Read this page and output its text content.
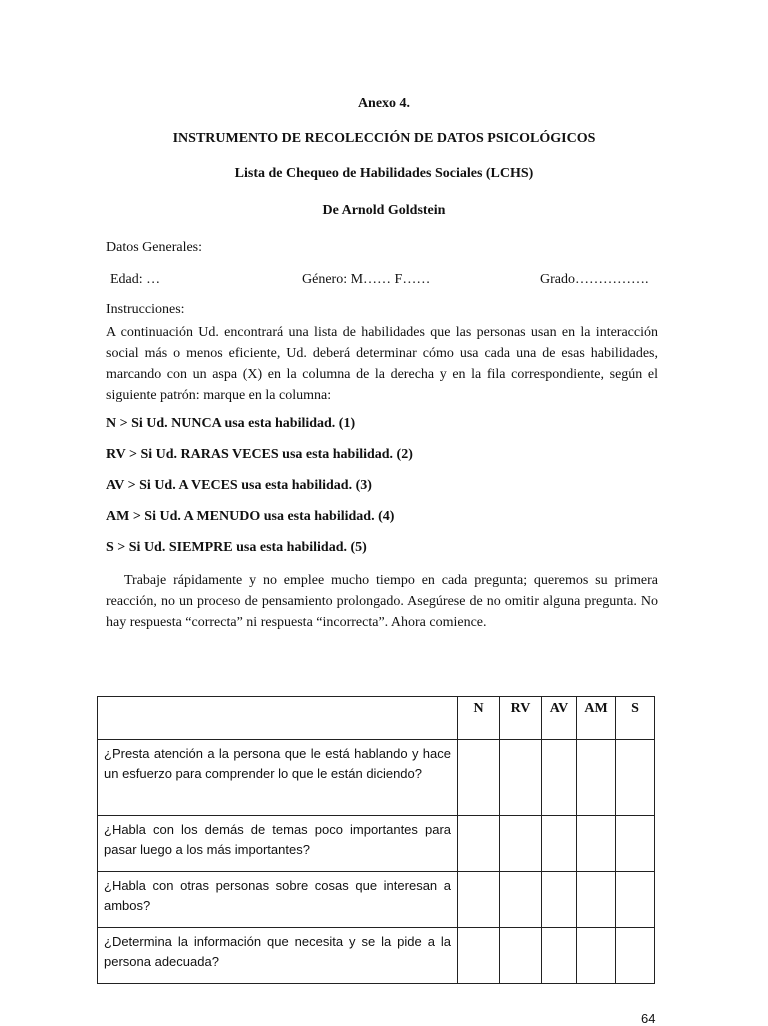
Anexo 4.
INSTRUMENTO DE RECOLECCIÓN DE DATOS PSICOLÓGICOS
Lista de Chequeo de Habilidades Sociales (LCHS)
De Arnold Goldstein
Datos Generales:
Edad: …	Género: M…… F……	Grado…………….
Instrucciones:
A continuación Ud. encontrará una lista de habilidades que las personas usan en la interacción social más o menos eficiente, Ud. deberá determinar cómo usa cada una de esas habilidades, marcando con un aspa (X) en la columna de la derecha y en la fila correspondiente, según el siguiente patrón: marque en la columna:
N > Si Ud. NUNCA usa esta habilidad. (1)
RV > Si Ud. RARAS VECES usa esta habilidad. (2)
AV > Si Ud. A VECES usa esta habilidad. (3)
AM > Si Ud. A MENUDO usa esta habilidad. (4)
S > Si Ud. SIEMPRE usa esta habilidad. (5)
Trabaje rápidamente y no emplee mucho tiempo en cada pregunta; queremos su primera reacción, no un proceso de pensamiento prolongado. Asegúrese de no omitir alguna pregunta. No hay respuesta “correcta” ni respuesta “incorrecta”. Ahora comience.
	N	RV	AV	AM	S
¿Presta atención a la persona que le está hablando y hace un esfuerzo para comprender lo que le están diciendo?					
¿Habla con los demás de temas poco importantes para pasar luego a los más importantes?					
¿Habla con otras personas sobre cosas que interesan a ambos?					
¿Determina la información que necesita y se la pide a la persona adecuada?					
64
